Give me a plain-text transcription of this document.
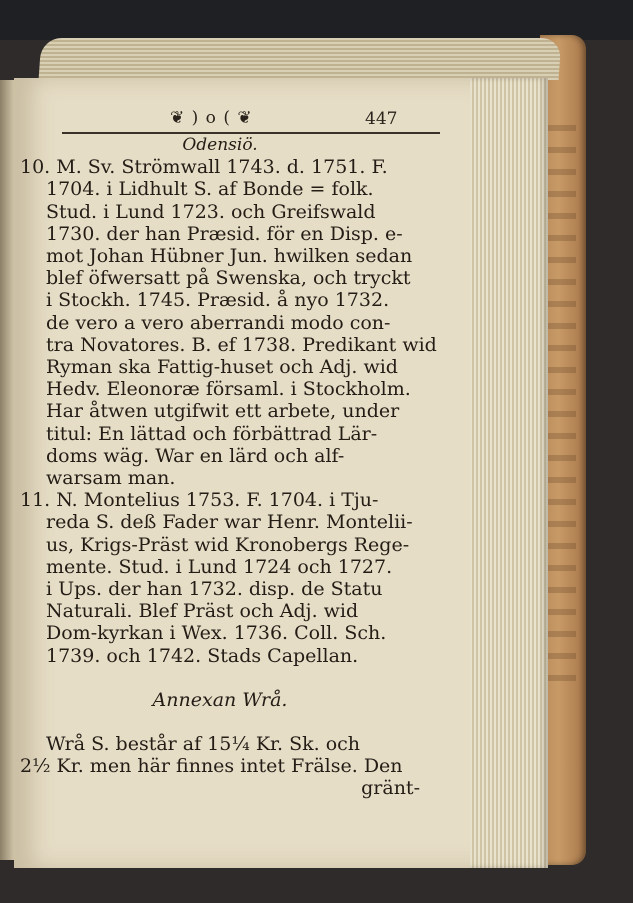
❦ ) o ( ❦	447
Odensiö.
10. M. Sv. Strömwall 1743. d. 1751. F.
1704. i Lidhult S. af Bonde = folk.
Stud. i Lund 1723. och Greifswald
1730. der han Præsid. för en Disp. e-
mot Johan Hübner Jun. hwilken sedan
blef öfwersatt på Swenska, och tryckt
i Stockh. 1745. Præsid. å nyo 1732.
de vero a vero aberrandi modo con-
tra Novatores. B. ef 1738. Predikant wid
Ryman ska Fattig-huset och Adj. wid
Hedv. Eleonoræ församl. i Stockholm.
Har åtwen utgifwit ett arbete, under
titul: En lättad och förbättrad Lär-
doms wäg. War en lärd och alf-
warsam man.
11. N. Montelius 1753. F. 1704. i Tju-
reda S. deß Fader war Henr. Montelii-
us, Krigs-Präst wid Kronobergs Rege-
mente. Stud. i Lund 1724 och 1727.
i Ups. der han 1732. disp. de Statu
Naturali. Blef Präst och Adj. wid
Dom-kyrkan i Wex. 1736. Coll. Sch.
1739. och 1742. Stads Capellan.
Annexan Wrå.
Wrå S. består af 15¼ Kr. Sk. och
2½ Kr. men här finnes intet Frälse. Den
gränt-
